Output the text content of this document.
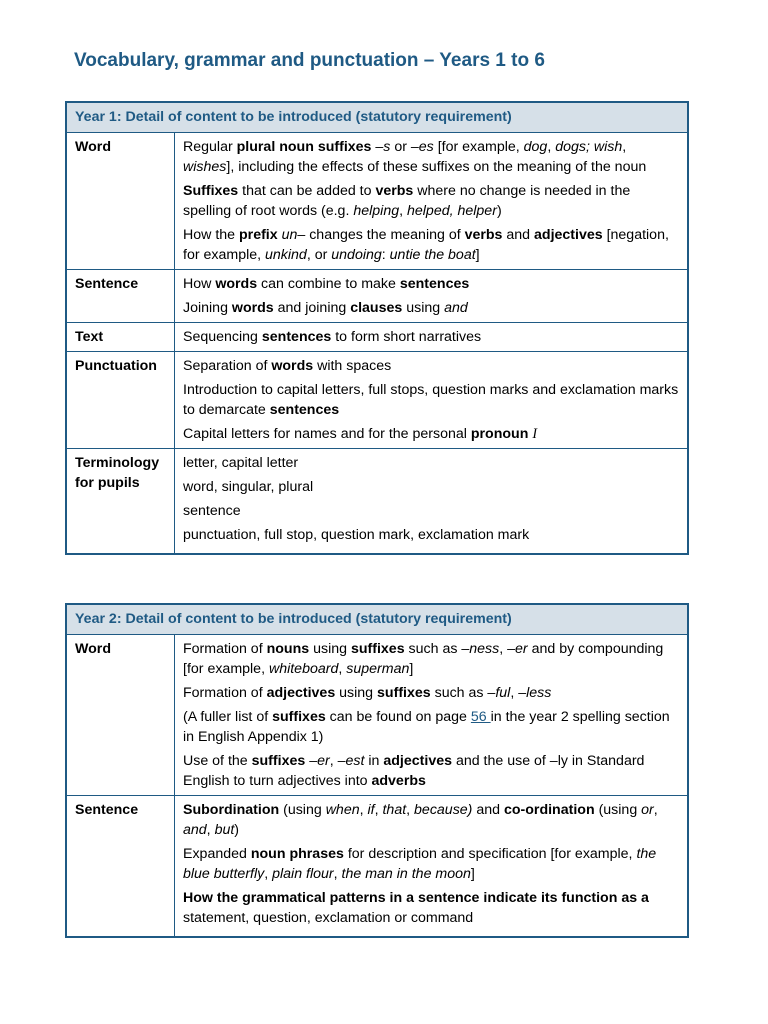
Vocabulary, grammar and punctuation – Years 1 to 6
Year 1: Detail of content to be introduced (statutory requirement)	
Word	Regular plural noun suffixes –s or –es [for example, dog, dogs; wish, wishes], including the effects of these suffixes on the meaning of the noun

Suffixes that can be added to verbs where no change is needed in the spelling of root words (e.g. helping, helped, helper)

How the prefix un– changes the meaning of verbs and adjectives [negation, for example, unkind, or undoing: untie the boat]

Sentence	How words can combine to make sentences

Joining words and joining clauses using and

Text	Sequencing sentences to form short narratives

Punctuation	Separation of words with spaces

Introduction to capital letters, full stops, question marks and exclamation marks to demarcate sentences

Capital letters for names and for the personal pronoun I

Terminology for pupils	letter, capital letter

word, singular, plural

sentence

punctuation, full stop, question mark, exclamation mark

Year 2: Detail of content to be introduced (statutory requirement)	
Word	Formation of nouns using suffixes such as –ness, –er and by compounding [for example, whiteboard, superman]

Formation of adjectives using suffixes such as –ful, –less

(A fuller list of suffixes can be found on page 56 in the year 2 spelling section in English Appendix 1)

Use of the suffixes –er, –est in adjectives and the use of –ly in Standard English to turn adjectives into adverbs

Sentence	Subordination (using when, if, that, because) and co-ordination (using or, and, but)

Expanded noun phrases for description and specification [for example, the blue butterfly, plain flour, the man in the moon]

How the grammatical patterns in a sentence indicate its function as a statement, question, exclamation or command
